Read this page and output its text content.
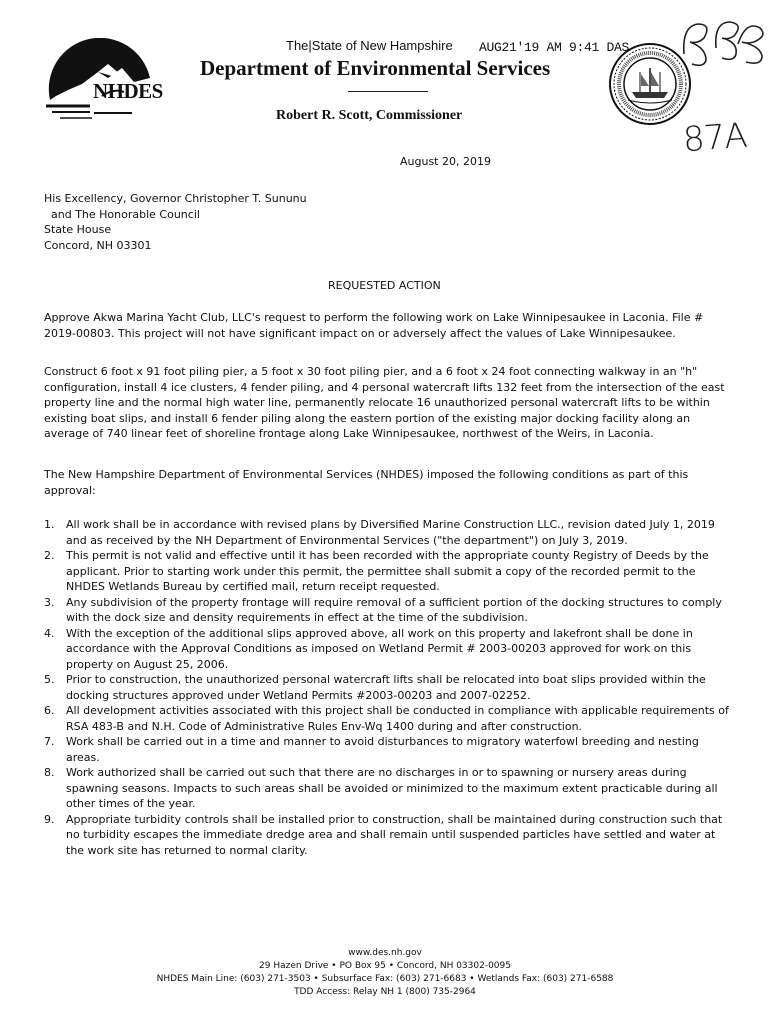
NHDES
The|State of New Hampshire
Department of Environmental Services
Robert R. Scott, Commissioner
AUG21'19 AM 9:41 DAS
87A
August 20, 2019
His Excellency, Governor Christopher T. Sununu
and The Honorable Council
State House
Concord, NH 03301
REQUESTED ACTION
Approve Akwa Marina Yacht Club, LLC's request to perform the following work on Lake Winnipesaukee in Laconia. File # 2019-00803. This project will not have significant impact on or adversely affect the values of Lake Winnipesaukee.
Construct 6 foot x 91 foot piling pier, a 5 foot x 30 foot piling pier, and a 6 foot x 24 foot connecting walkway in an "h" configuration, install 4 ice clusters, 4 fender piling, and 4 personal watercraft lifts 132 feet from the intersection of the east property line and the normal high water line, permanently relocate 16 unauthorized personal watercraft lifts to be within existing boat slips, and install 6 fender piling along the eastern portion of the existing major docking facility along an average of 740 linear feet of shoreline frontage along Lake Winnipesaukee, northwest of the Weirs, in Laconia.
The New Hampshire Department of Environmental Services (NHDES) imposed the following conditions as part of this approval:
1.	All work shall be in accordance with revised plans by Diversified Marine Construction LLC., revision dated July 1, 2019 and as received by the NH Department of Environmental Services ("the department") on July 3, 2019.
2.	This permit is not valid and effective until it has been recorded with the appropriate county Registry of Deeds by the applicant. Prior to starting work under this permit, the permittee shall submit a copy of the recorded permit to the NHDES Wetlands Bureau by certified mail, return receipt requested.
3.	Any subdivision of the property frontage will require removal of a sufficient portion of the docking structures to comply with the dock size and density requirements in effect at the time of the subdivision.
4.	With the exception of the additional slips approved above, all work on this property and lakefront shall be done in accordance with the Approval Conditions as imposed on Wetland Permit # 2003-00203 approved for work on this property on August 25, 2006.
5.	Prior to construction, the unauthorized personal watercraft lifts shall be relocated into boat slips provided within the docking structures approved under Wetland Permits #2003-00203 and 2007-02252.
6.	All development activities associated with this project shall be conducted in compliance with applicable requirements of RSA 483-B and N.H. Code of Administrative Rules Env-Wq 1400 during and after construction.
7.	Work shall be carried out in a time and manner to avoid disturbances to migratory waterfowl breeding and nesting areas.
8.	Work authorized shall be carried out such that there are no discharges in or to spawning or nursery areas during spawning seasons. Impacts to such areas shall be avoided or minimized to the maximum extent practicable during all other times of the year.
9.	Appropriate turbidity controls shall be installed prior to construction, shall be maintained during construction such that no turbidity escapes the immediate dredge area and shall remain until suspended particles have settled and water at the work site has returned to normal clarity.
www.des.nh.gov
29 Hazen Drive • PO Box 95 • Concord, NH 03302-0095
NHDES Main Line: (603) 271-3503 • Subsurface Fax: (603) 271-6683 • Wetlands Fax: (603) 271-6588
TDD Access: Relay NH 1 (800) 735-2964
